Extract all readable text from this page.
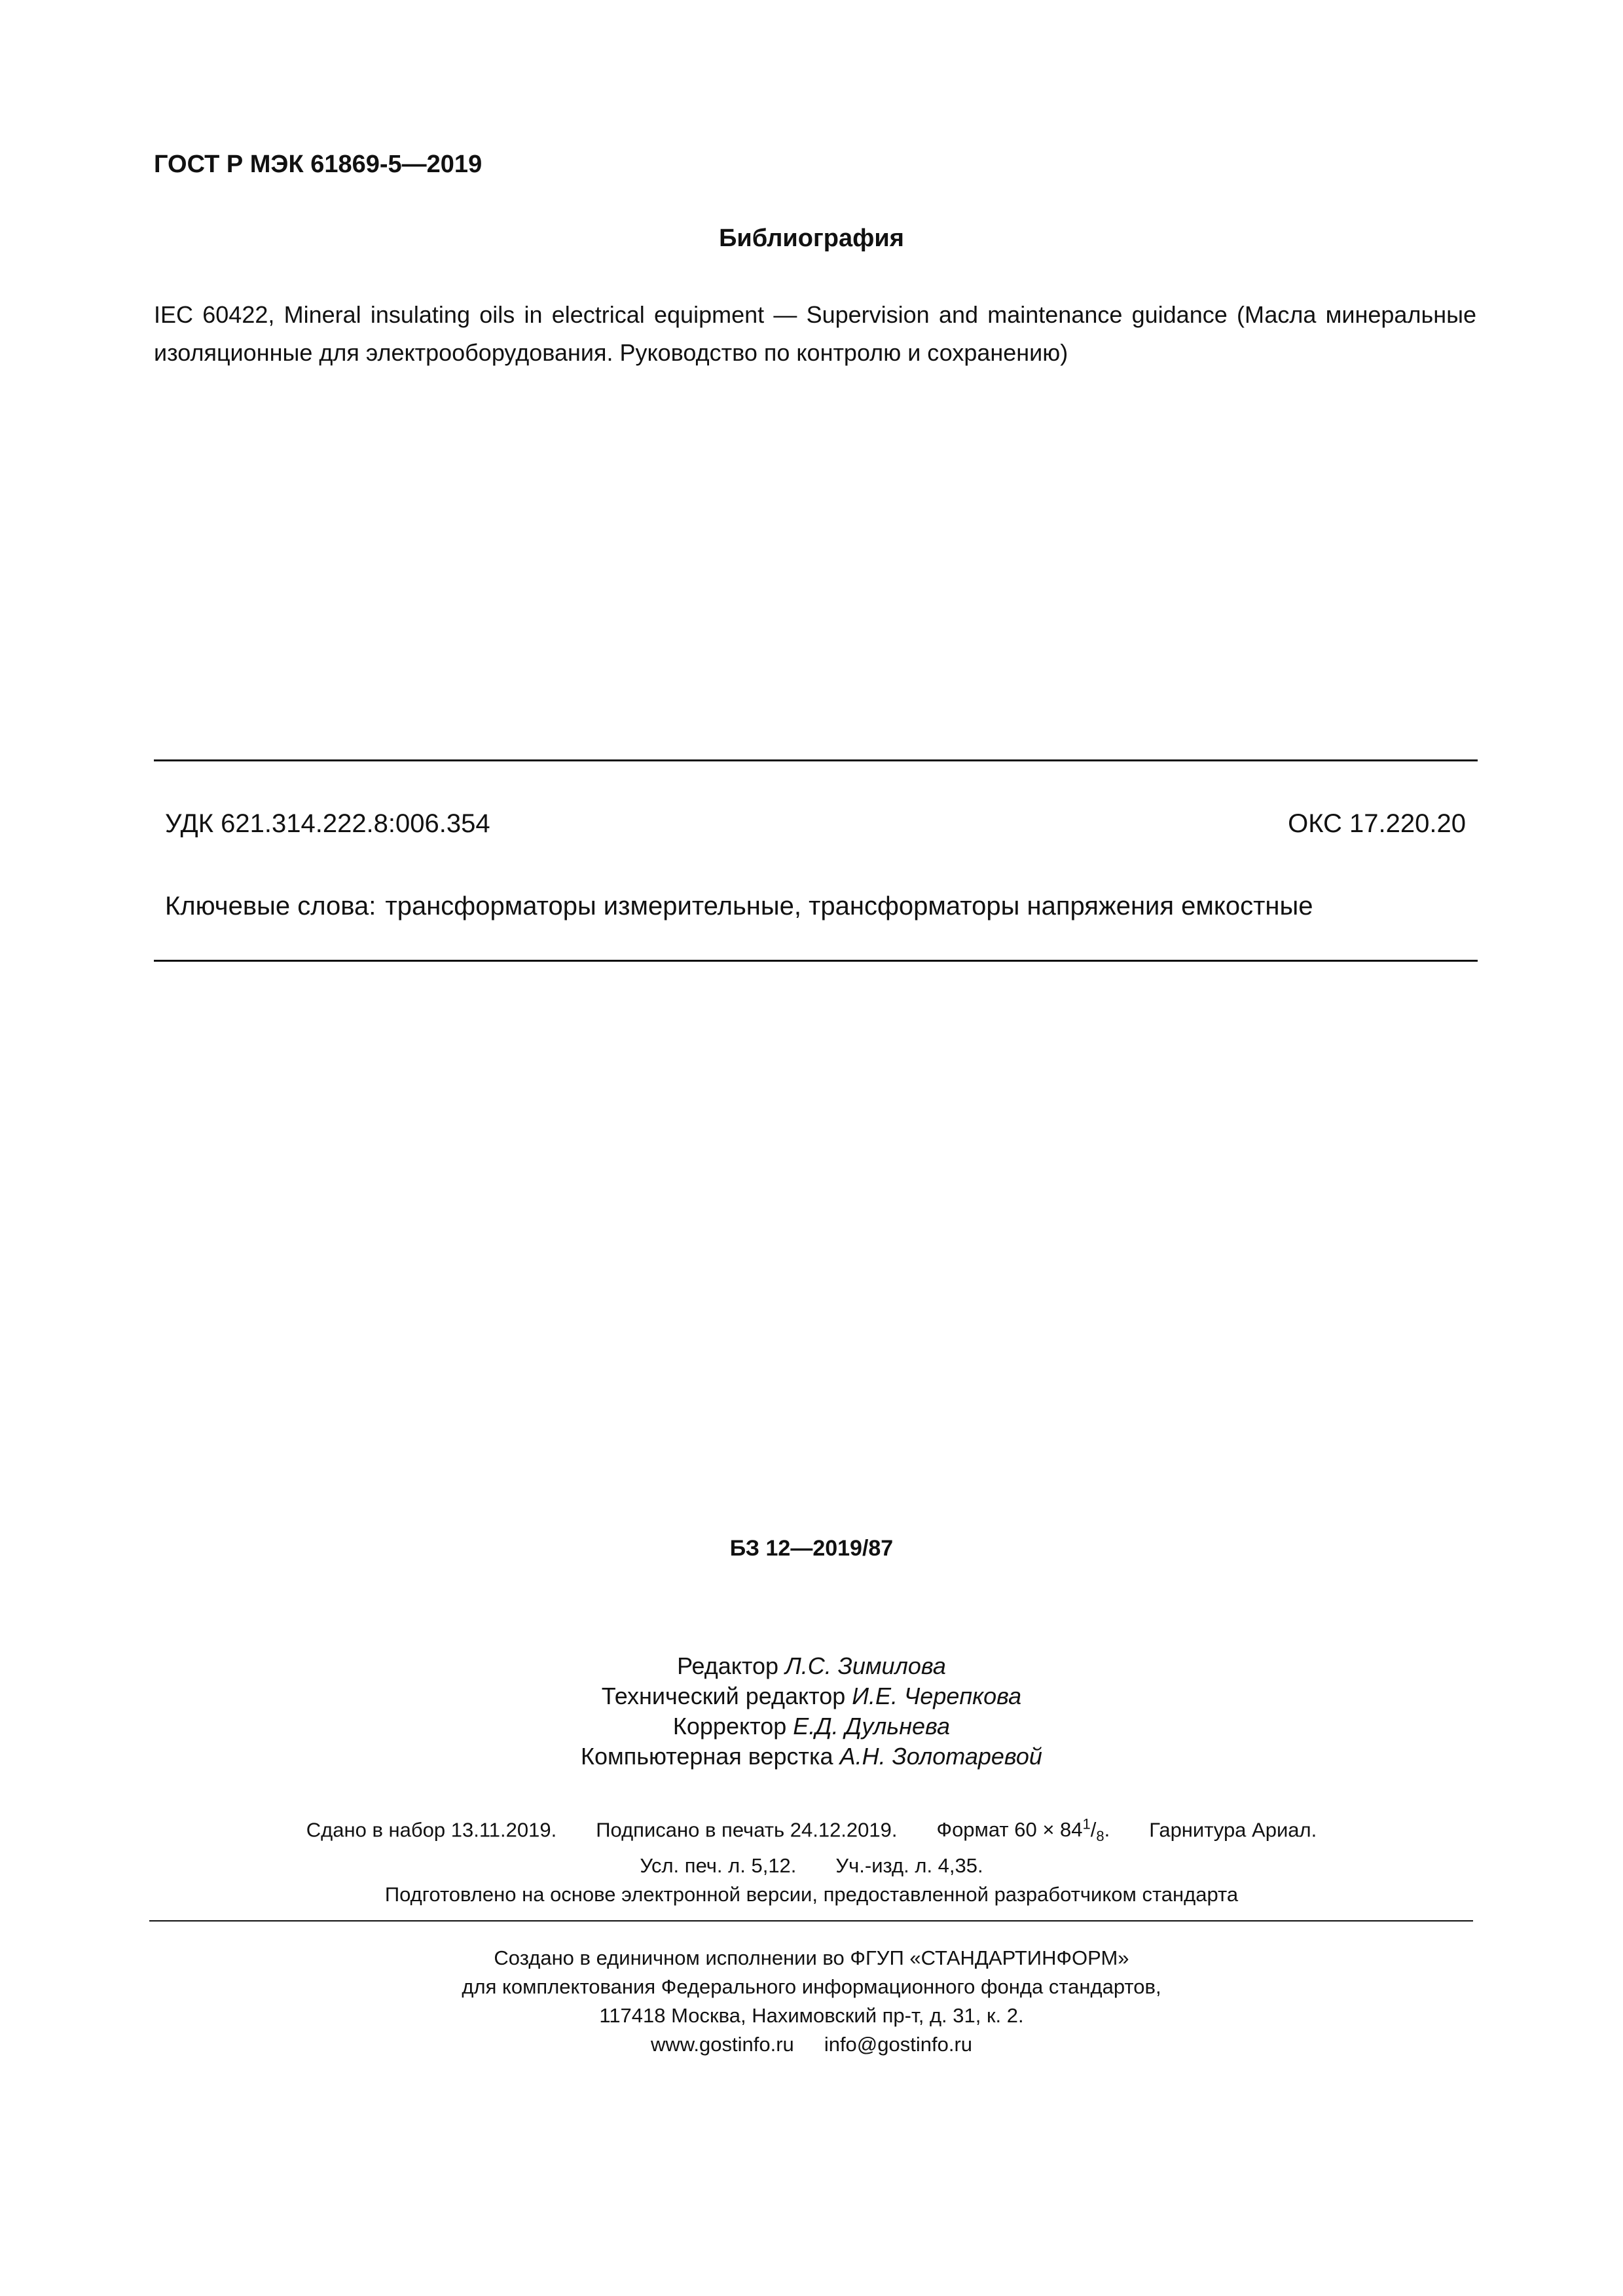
ГОСТ Р МЭК 61869-5—2019
Библиография
IEC 60422, Mineral insulating oils in electrical equipment — Supervision and maintenance guidance (Масла минеральные изоляционные для электрооборудования. Руководство по контролю и сохранению)
УДК 621.314.222.8:006.354	ОКС 17.220.20
Ключевые слова: трансформаторы измерительные, трансформаторы напряжения емкостные
БЗ 12—2019/87
Редактор Л.С. Зимилова
Технический редактор И.Е. Черепкова
Корректор Е.Д. Дульнева
Компьютерная верстка А.Н. Золотаревой
Сдано в набор 13.11.2019. Подписано в печать 24.12.2019. Формат $60 \times 84^1/_8$. Гарнитура Ариал.
Усл. печ. л. 5,12. Уч.-изд. л. 4,35.
Подготовлено на основе электронной версии, предоставленной разработчиком стандарта
Создано в единичном исполнении во ФГУП «СТАНДАРТИНФОРМ»
для комплектования Федерального информационного фонда стандартов,
117418 Москва, Нахимовский пр-т, д. 31, к. 2.
www.gostinfo.ru info@gostinfo.ru
